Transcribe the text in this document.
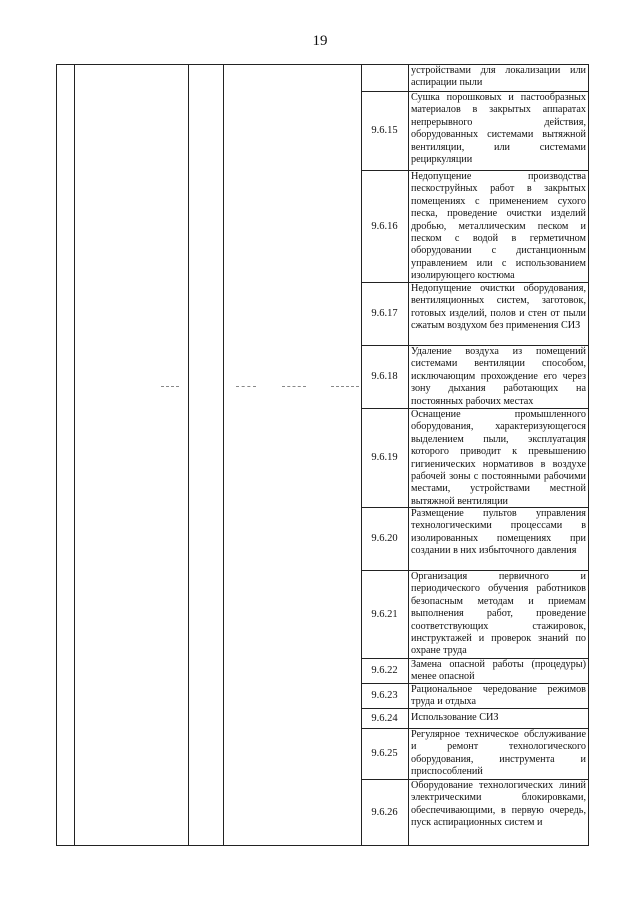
19
устройствами для локализации или аспирации пыли
9.6.15
Сушка порошковых и пастообразных материалов в закрытых аппаратах непрерывного действия, оборудованных системами вытяжной вентиляции, или системами рециркуляции
9.6.16
Недопущение производства пескоструйных работ в закрытых помещениях с применением сухого песка, проведение очистки изделий дробью, металлическим песком и песком с водой в герметичном оборудовании с дистанционным управлением или с использованием изолирующего костюма
9.6.17
Недопущение очистки оборудования, вентиляционных систем, заготовок, готовых изделий, полов и стен от пыли сжатым воздухом без применения СИЗ
9.6.18
Удаление воздуха из помещений системами вентиляции способом, исключающим прохождение его через зону дыхания работающих на постоянных рабочих местах
9.6.19
Оснащение промышленного оборудования, характеризующегося выделением пыли, эксплуатация которого приводит к превышению гигиенических нормативов в воздухе рабочей зоны с постоянными рабочими местами, устройствами местной вытяжной вентиляции
9.6.20
Размещение пультов управления технологическими процессами в изолированных помещениях при создании в них избыточного давления
9.6.21
Организация первичного и периодического обучения работников безопасным методам и приемам выполнения работ, проведение соответствующих стажировок, инструктажей и проверок знаний по охране труда
9.6.22
Замена опасной работы (процедуры) менее опасной
9.6.23
Рациональное чередование режимов труда и отдыха
9.6.24	Использование СИЗ
9.6.25
Регулярное техническое обслуживание и ремонт технологического оборудования, инструмента и приспособлений
9.6.26
Оборудование технологических линий электрическими блокировками, обеспечивающими, в первую очередь, пуск аспирационных систем и
